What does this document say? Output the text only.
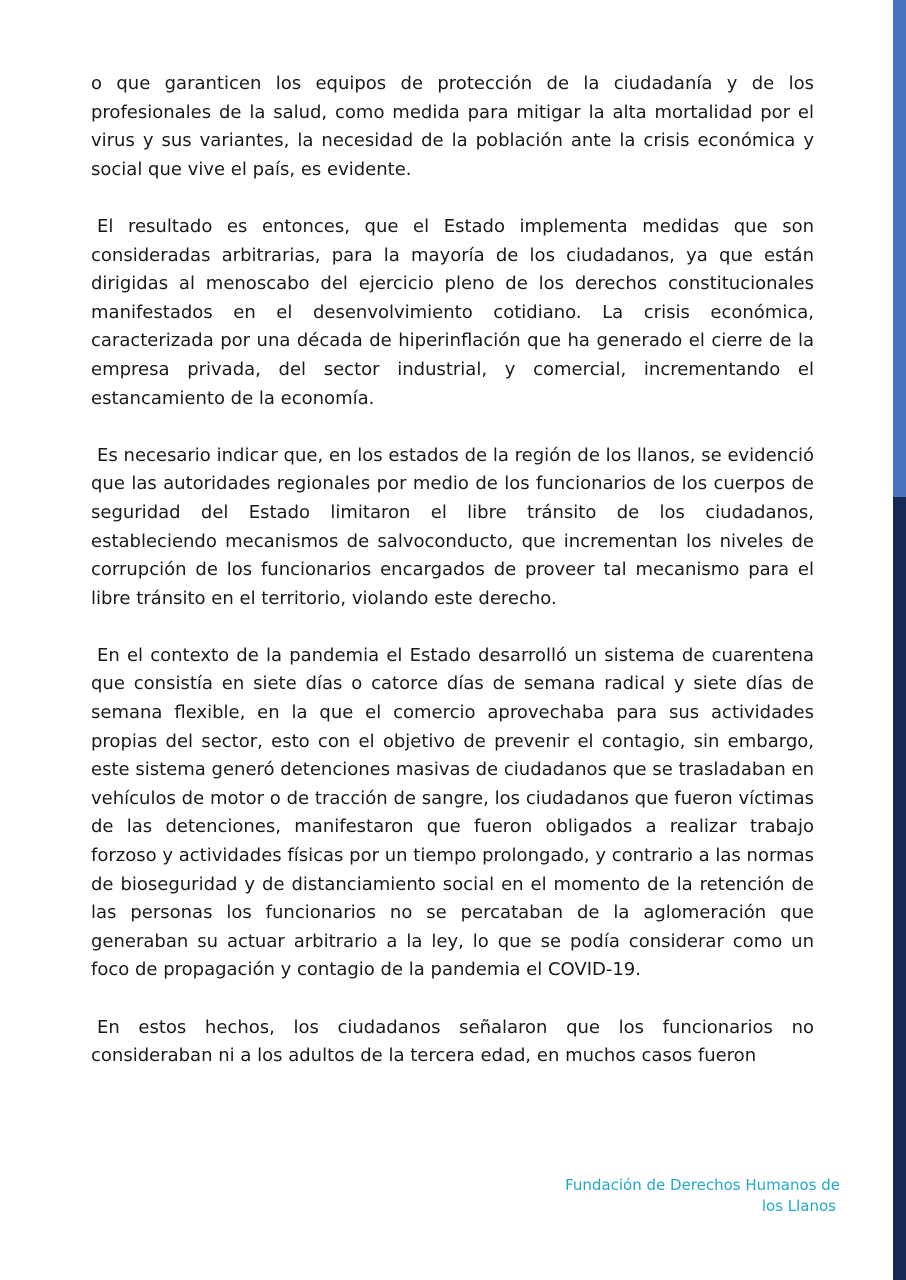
o que garanticen los equipos de protección de la ciudadanía y de los profesionales de la salud, como medida para mitigar la alta mortalidad por el virus y sus variantes, la necesidad de la población ante la crisis económica y social que vive el país, es evidente.

El resultado es entonces, que el Estado implementa medidas que son consideradas arbitrarias, para la mayoría de los ciudadanos, ya que están dirigidas al menoscabo del ejercicio pleno de los derechos constitucionales manifestados en el desenvolvimiento cotidiano. La crisis económica, caracterizada por una década de hiperinflación que ha generado el cierre de la empresa privada, del sector industrial, y comercial, incrementando el estancamiento de la economía.

Es necesario indicar que, en los estados de la región de los llanos, se evidenció que las autoridades regionales por medio de los funcionarios de los cuerpos de seguridad del Estado limitaron el libre tránsito de los ciudadanos, estableciendo mecanismos de salvoconducto, que incrementan los niveles de corrupción de los funcionarios encargados de proveer tal mecanismo para el libre tránsito en el territorio, violando este derecho.

En el contexto de la pandemia el Estado desarrolló un sistema de cuarentena que consistía en siete días o catorce días de semana radical y siete días de semana flexible, en la que el comercio aprovechaba para sus actividades propias del sector, esto con el objetivo de prevenir el contagio, sin embargo, este sistema generó detenciones masivas de ciudadanos que se trasladaban en vehículos de motor o de tracción de sangre, los ciudadanos que fueron víctimas de las detenciones, manifestaron que fueron obligados a realizar trabajo forzoso y actividades físicas por un tiempo prolongado, y contrario a las normas de bioseguridad y de distanciamiento social en el momento de la retención de las personas los funcionarios no se percataban de la aglomeración que generaban su actuar arbitrario a la ley, lo que se podía considerar como un foco de propagación y contagio de la pandemia el COVID-19.

En estos hechos, los ciudadanos señalaron que los funcionarios no consideraban ni a los adultos de la tercera edad, en muchos casos fueron

Fundación de Derechos Humanos de
los Llanos
